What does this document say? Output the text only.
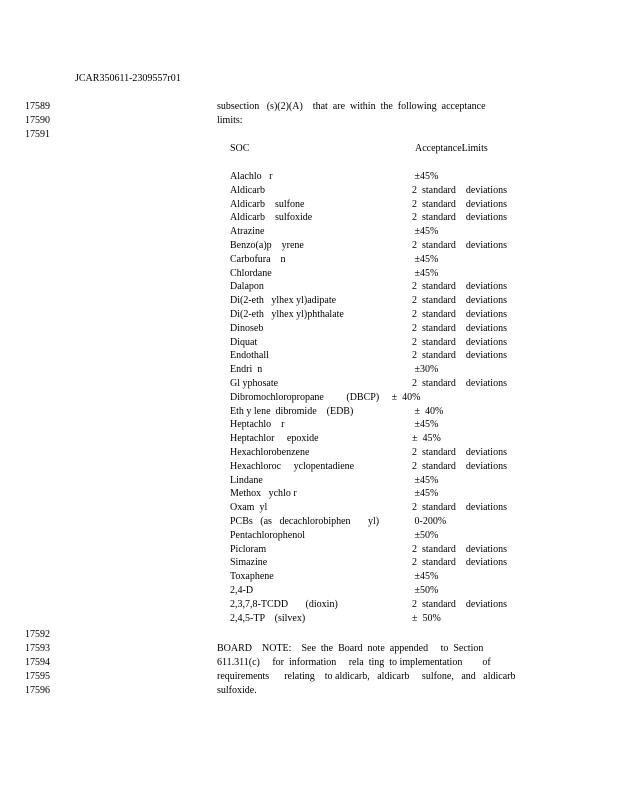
JCAR350611-2309557r01
17589
17590
17591
17592
17593
17594
17595
17596
subsection   (s)(2)(A)    that  are  within  the  following  acceptance
limits:
SOC	AcceptanceLimits
Alachlo   r	±45%
Aldicarb	2  standard    deviations
Aldicarb    sulfone	2  standard    deviations
Aldicarb    sulfoxide	2  standard    deviations
Atrazine	±45%
Benzo(a)p    yrene	2  standard    deviations
Carbofura    n	±45%
Chlordane	±45%
Dalapon	2  standard    deviations
Di(2-eth   ylhex yl)adipate	2  standard    deviations
Di(2-eth   ylhex yl)phthalate	2  standard    deviations
Dinoseb	2  standard    deviations
Diquat	2  standard    deviations
Endothall	2  standard    deviations
Endri  n	±30%
Gl yphosate	2  standard    deviations
Dibromochloropropane         (DBCP)     ±  40%
Eth y lene  dibromide    (EDB)	±  40%
Heptachlo    r	±45%
Heptachlor     epoxide	±  45%
Hexachlorobenzene	2  standard    deviations
Hexachloroc     yclopentadiene	2  standard    deviations
Lindane	±45%
Methox   ychlo r	±45%
Oxam  yl	2  standard    deviations
PCBs   (as   decachlorobiphen       yl)	0-200%
Pentachlorophenol	±50%
Picloram	2  standard    deviations
Simazine	2  standard    deviations
Toxaphene	±45%
2,4-D	±50%
2,3,7,8-TCDD       (dioxin)	2  standard    deviations
2,4,5-TP    (silvex)	±  50%
BOARD    NOTE:    See  the  Board  note  appended     to  Section
611.311(c)     for  information     rela  ting  to implementation        of
requirements      relating    to aldicarb,   aldicarb     sulfone,   and   aldicarb
sulfoxide.
